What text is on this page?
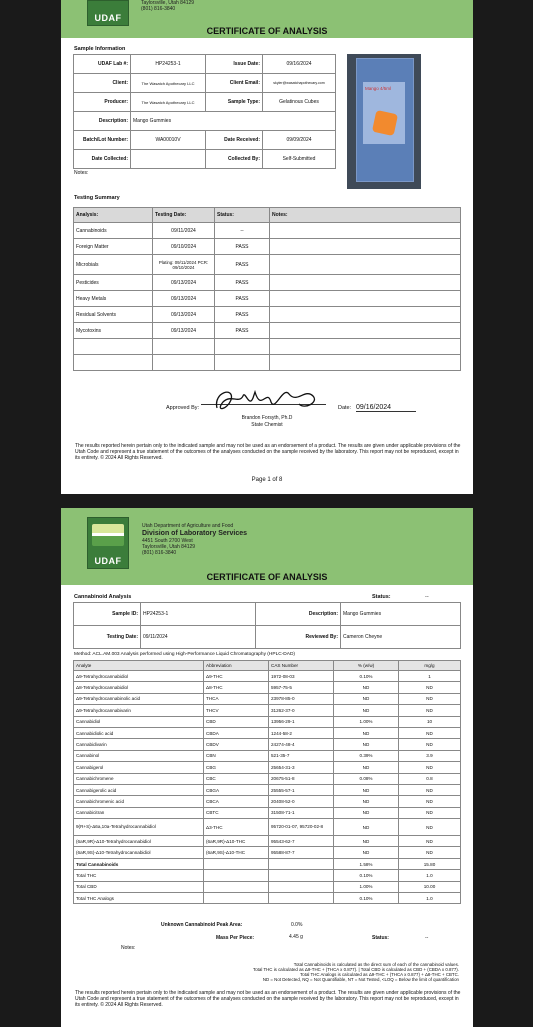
UDAF
Taylorsville, Utah 84129
(801) 816-3840
CERTIFICATE OF ANALYSIS
Sample Information
UDAF Lab #:	HP24253-1	Issue Date:	09/16/2024
Client:	The Wasatch Apothecary LLC	Client Email:	skyler@wasatchapothecary.com
Producer:	The Wasatch Apothecary LLC	Sample Type:	Gelatinous Cubes
Description:	Mango Gummies		
Batch/Lot Number:	WA00010V	Date Received:	09/09/2024
Date Collected:		Collected By:	Self-Submitted
Mango 4/5ml
Notes:
Testing Summary
Analysis:	Testing Date:	Status:	Notes:
Cannabinoids	09/11/2024	--	
Foreign Matter	09/10/2024	PASS	
Microbials	Plating: 09/11/2024 PCR: 09/10/2024	PASS	
Pesticides	09/13/2024	PASS	
Heavy Metals	09/13/2024	PASS	
Residual Solvents	09/13/2024	PASS	
Mycotoxins	09/13/2024	PASS	

Approved By:	Date: 09/16/2024
Brandon Forsyth, Ph.D
State Chemist
The results reported herein pertain only to the indicated sample and may not be used as an endorsement of a product. The results are given under applicable provisions of the Utah Code and represent a true statement of the outcomes of the analyses conducted on the sample received by the laboratory. This report may not be reproduced, except in its entirety. © 2024 All Rights Reserved.
Page 1 of 8
UDAF
Utah Department of Agriculture and Food
Division of Laboratory Services
4451 South 2700 West
Taylorsville, Utah 84129
(801) 816-3840
CERTIFICATE OF ANALYSIS
Cannabinoid Analysis	Status:	--
Sample ID:	HP24253-1	Description:	Mango Gummies
Testing Date:	09/11/2024	Reviewed By:	Cameron Cheyne
Method: ACL.AM.003 Analysis performed using High-Performance Liquid Chromatography (HPLC-DAD)
Analyte	Abbreviation	CAS Number	% (w/w)	mg/g
Δ9-Tetrahydrocannabidiol	Δ9-THC	1972-08-03	0.10%	1
Δ8-Tetrahydrocannabidiol	Δ8-THC	5957-75-5	ND	ND
Δ9-Tetrahydrocannabinolic acid	THCA	23978-85-0	ND	ND
Δ9-Tetrahydrocannabivarin	THCV	31262-37-0	ND	ND
Cannabidiol	CBD	13956-29-1	1.00%	10
Cannabidiolic acid	CBDA	1244-58-2	ND	ND
Cannabidivarin	CBDV	24274-48-4	ND	ND
Cannabinol	CBN	521-35-7	0.39%	3.9
Cannabigerol	CBG	25654-31-3	ND	ND
Cannabichromene	CBC	20675-51-8	0.08%	0.8
Cannabigerolic acid	CBGA	25555-57-1	ND	ND
Cannabichromenic acid	CBCA	20408-52-0	ND	ND
Cannabicitran	CBTC	31508-71-1	ND	ND
9(R+S)-Δ6a,10a-Tetrahydrocannabidiol	Δ3-THC	95720-01-07, 95720-02-8	ND	ND
(6aR,9R)-Δ10-Tetrahydrocannabidiol	(6aR,9R)-Δ10-THC	95543-62-7	ND	ND
(6aR,9S)-Δ10-Tetrahydrocannabidiol	(6aR,9S)-Δ10-THC	95588-87-7	ND	ND
Total Cannabinoids			1.58%	15.80
Total THC			0.10%	1.0
Total CBD			1.00%	10.00
Total THC Analogs			0.10%	1.0
Unknown Cannabinoid Peak Area:	0.0%
Mass Per Piece:	4.45 g	Status:	--
Notes:
Total Cannabinoids is calculated as the direct sum of each of the cannabinoid values.
Total THC is calculated as Δ9-THC + (THCA x 0.877). | Total CBD is calculated as CBD + (CBDA x 0.877).
Total THC Analogs is calculated as Δ9-THC + (THCA x 0.877) + Δ8-THC + CBTC.
ND = Not Detected, NQ = Not Quantifiable, NT = Not Tested, <LOQ = Below the limit of quantification
The results reported herein pertain only to the indicated sample and may not be used as an endorsement of a product. The results are given under applicable provisions of the Utah Code and represent a true statement of the outcomes of the analyses conducted on the sample received by the laboratory. This report may not be reproduced, except in its entirety. © 2024 All Rights Reserved.
